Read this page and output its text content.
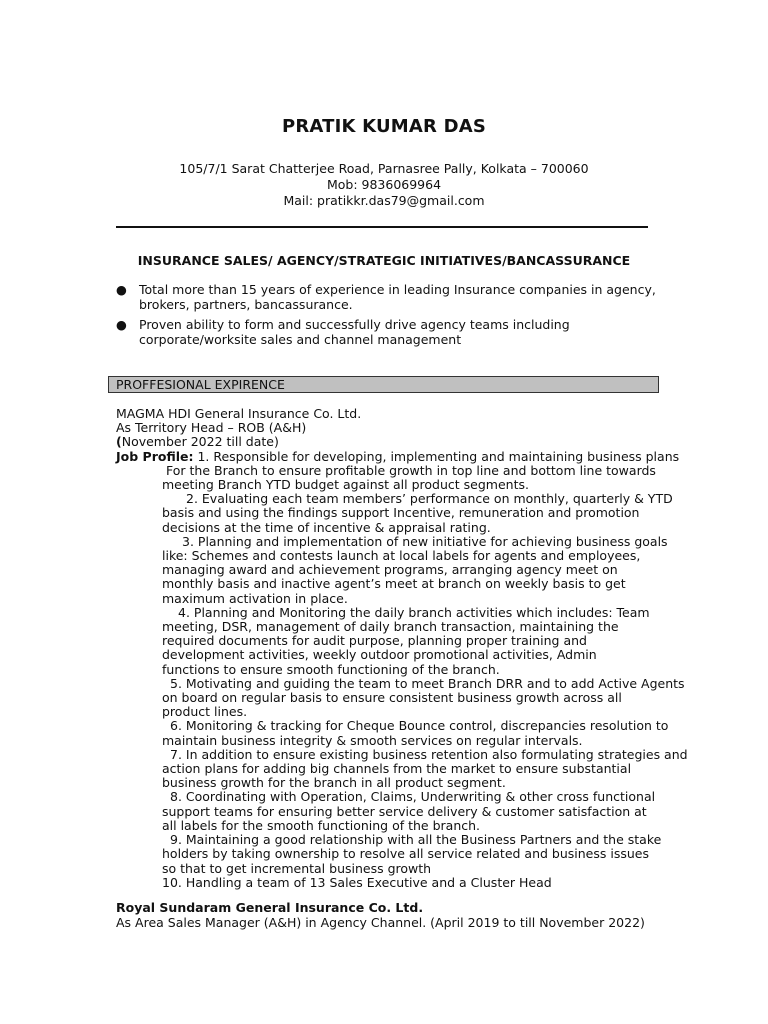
PRATIK KUMAR DAS
105/7/1 Sarat Chatterjee Road, Parnasree Pally, Kolkata – 700060
Mob: 9836069964
Mail: pratikkr.das79@gmail.com
INSURANCE SALES/ AGENCY/STRATEGIC INITIATIVES/BANCASSURANCE
● Total more than 15 years of experience in leading Insurance companies in agency, brokers, partners, bancassurance.
● Proven ability to form and successfully drive agency teams including corporate/worksite sales and channel management
PROFFESIONAL EXPIRENCE
MAGMA HDI General Insurance Co. Ltd.
As Territory Head – ROB (A&H)
(November 2022 till date)
Job Profile: 1. Responsible for developing, implementing and maintaining business plans
For the Branch to ensure profitable growth in top line and bottom line towards meeting Branch YTD budget against all product segments.
2. Evaluating each team members’ performance on monthly, quarterly & YTD
basis and using the findings support Incentive, remuneration and promotion decisions at the time of incentive & appraisal rating.
3. Planning and implementation of new initiative for achieving business goals
like: Schemes and contests launch at local labels for agents and employees, managing award and achievement programs, arranging agency meet on monthly basis and inactive agent’s meet at branch on weekly basis to get maximum activation in place.
4. Planning and Monitoring the daily branch activities which includes: Team
meeting, DSR, management of daily branch transaction, maintaining the required documents for audit purpose, planning proper training and development activities, weekly outdoor promotional activities, Admin functions to ensure smooth functioning of the branch.
5. Motivating and guiding the team to meet Branch DRR and to add Active Agents
on board on regular basis to ensure consistent business growth across all product lines.
6. Monitoring & tracking for Cheque Bounce control, discrepancies resolution to
maintain business integrity & smooth services on regular intervals.
7. In addition to ensure existing business retention also formulating strategies and
action plans for adding big channels from the market to ensure substantial business growth for the branch in all product segment.
8. Coordinating with Operation, Claims, Underwriting & other cross functional
support teams for ensuring better service delivery & customer satisfaction at all labels for the smooth functioning of the branch.
9. Maintaining a good relationship with all the Business Partners and the stake
holders by taking ownership to resolve all service related and business issues so that to get incremental business growth
10. Handling a team of 13 Sales Executive and a Cluster Head
Royal Sundaram General Insurance Co. Ltd.
As Area Sales Manager (A&H) in Agency Channel. (April 2019 to till November 2022)
